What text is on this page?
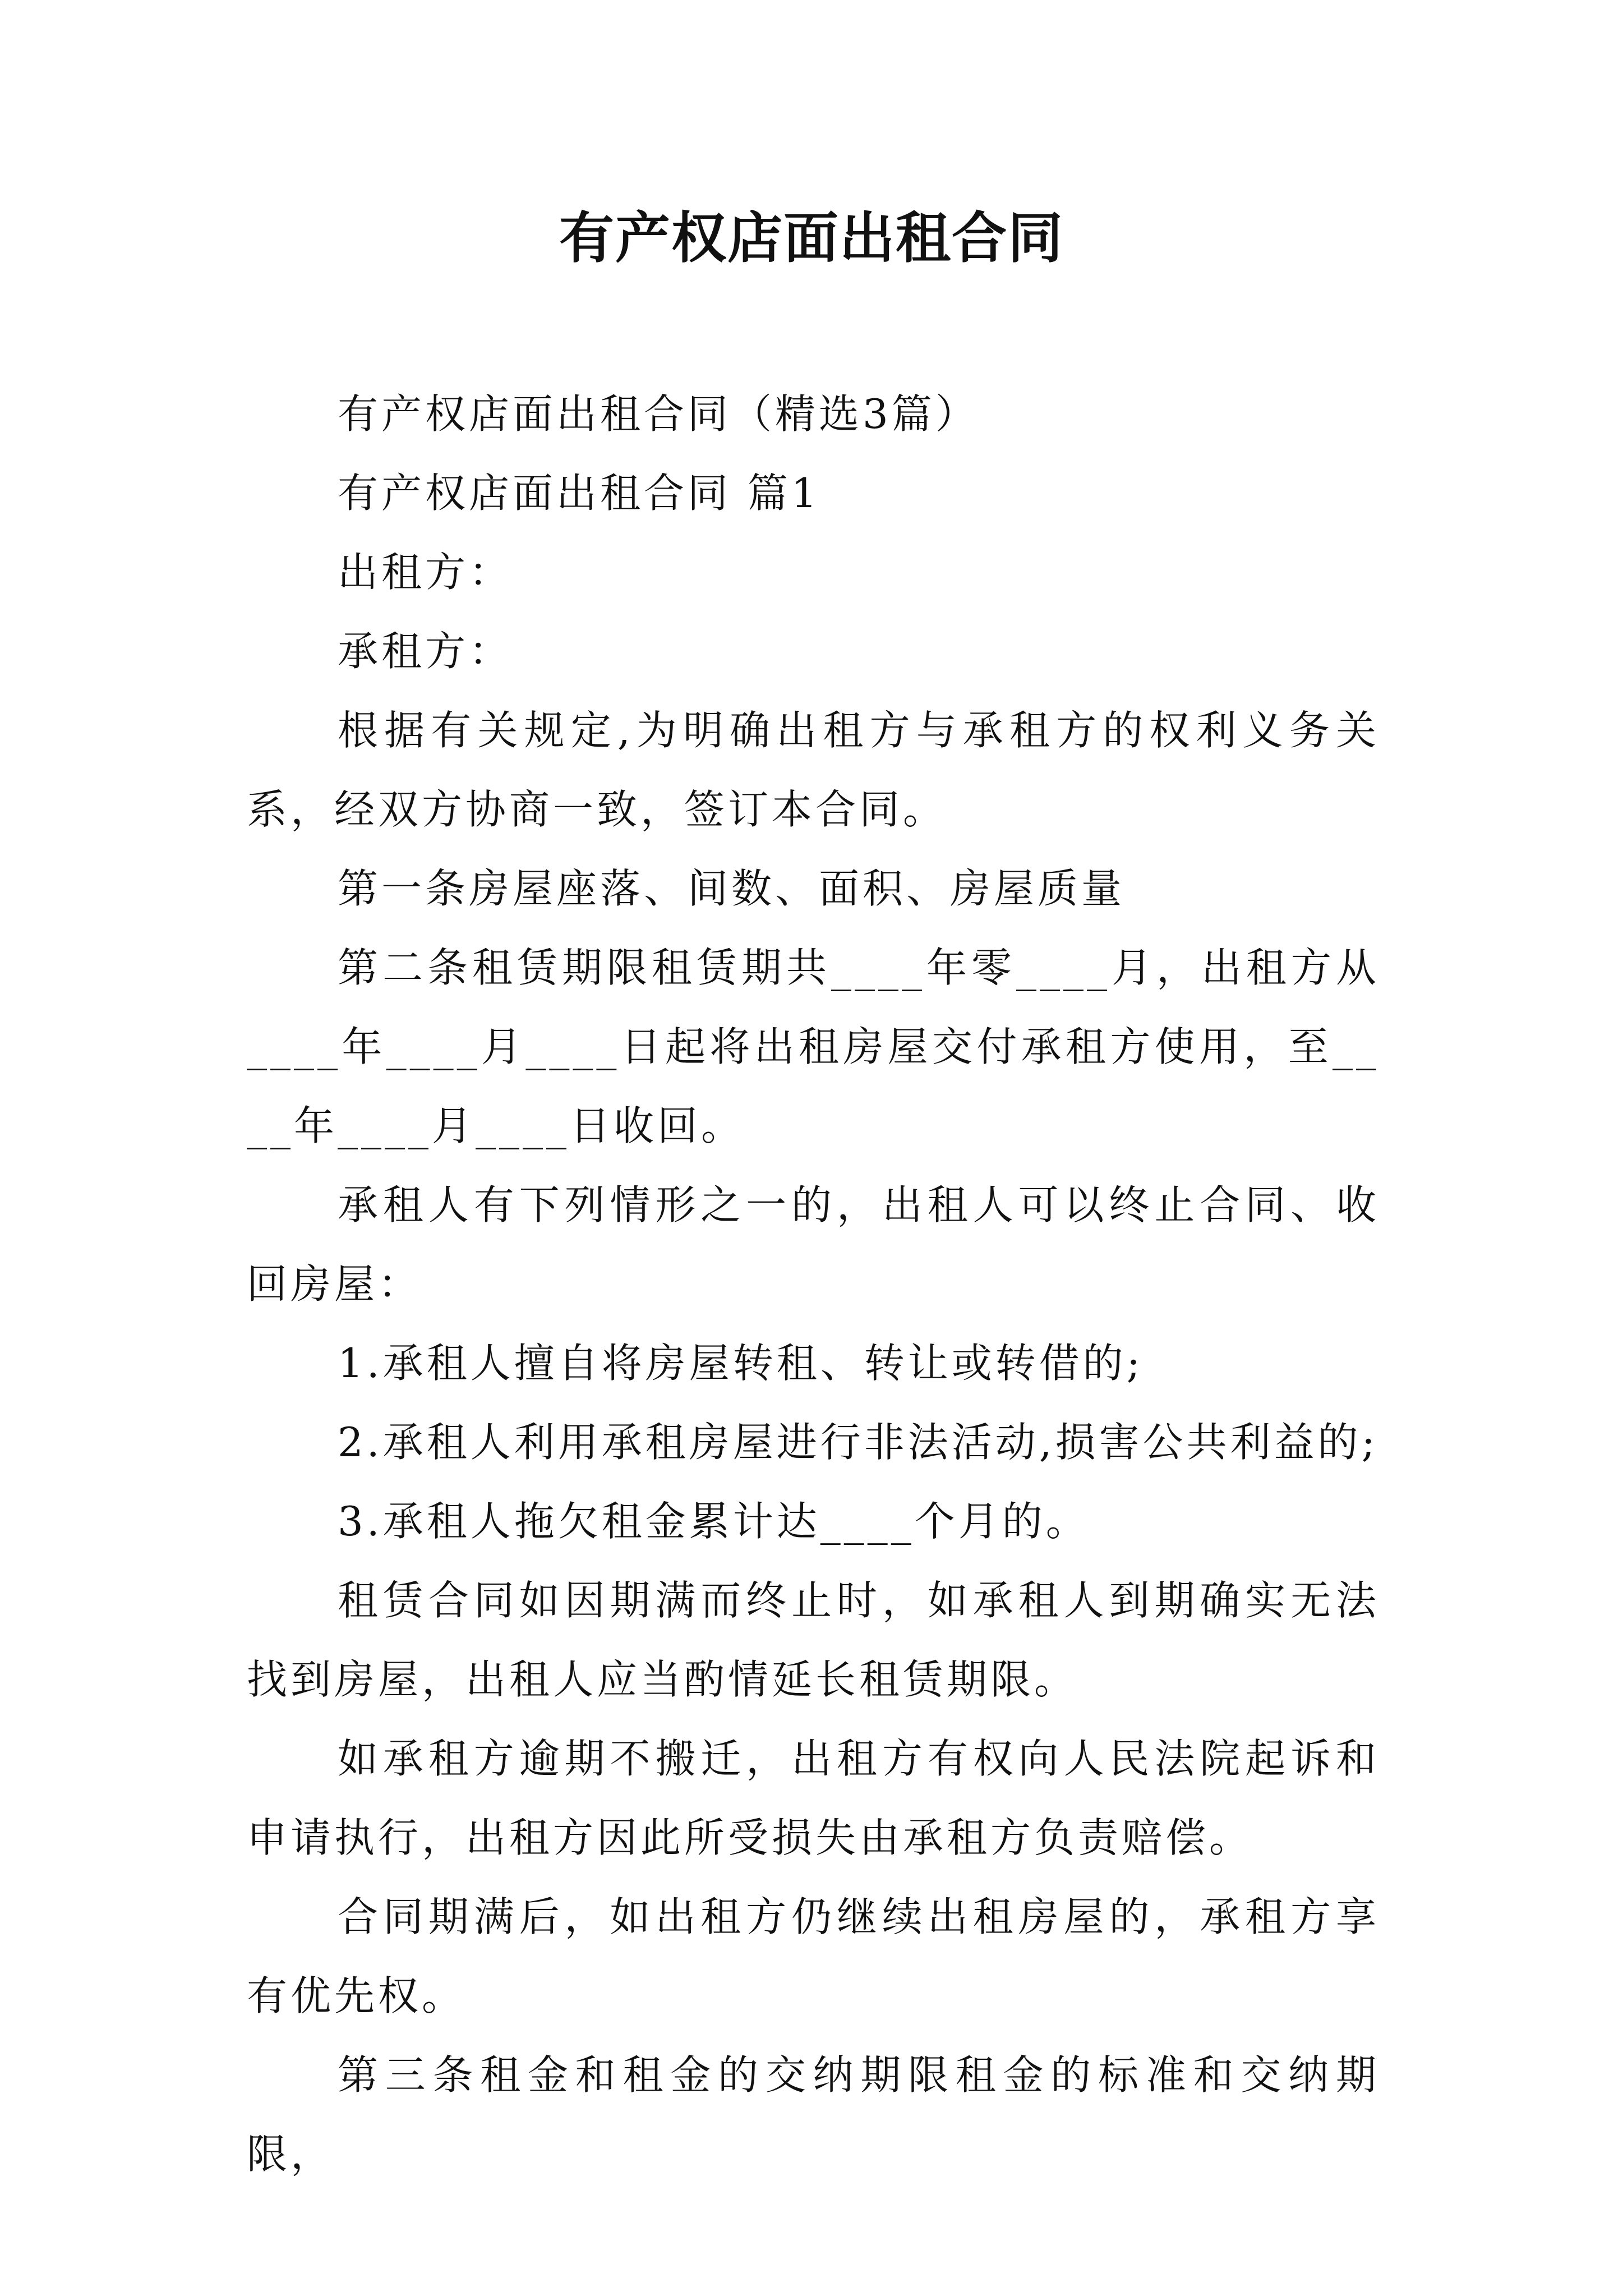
有产权店面出租合同

有产权店面出租合同（精选3篇）

有产权店面出租合同 篇1

出租方：

承租方：

根据有关规定,为明确出租方与承租方的权利义务关系，经双方协商一致，签订本合同。

第一条房屋座落、间数、面积、房屋质量

第二条租赁期限租赁期共____年零____月，出租方从____年____月____日起将出租房屋交付承租方使用，至____年____月____日收回。

承租人有下列情形之一的，出租人可以终止合同、收回房屋：

1.承租人擅自将房屋转租、转让或转借的;

2.承租人利用承租房屋进行非法活动,损害公共利益的;

3.承租人拖欠租金累计达____个月的。

租赁合同如因期满而终止时，如承租人到期确实无法找到房屋，出租人应当酌情延长租赁期限。

如承租方逾期不搬迁，出租方有权向人民法院起诉和申请执行，出租方因此所受损失由承租方负责赔偿。

合同期满后，如出租方仍继续出租房屋的，承租方享有优先权。

第三条租金和租金的交纳期限租金的标准和交纳期限，
